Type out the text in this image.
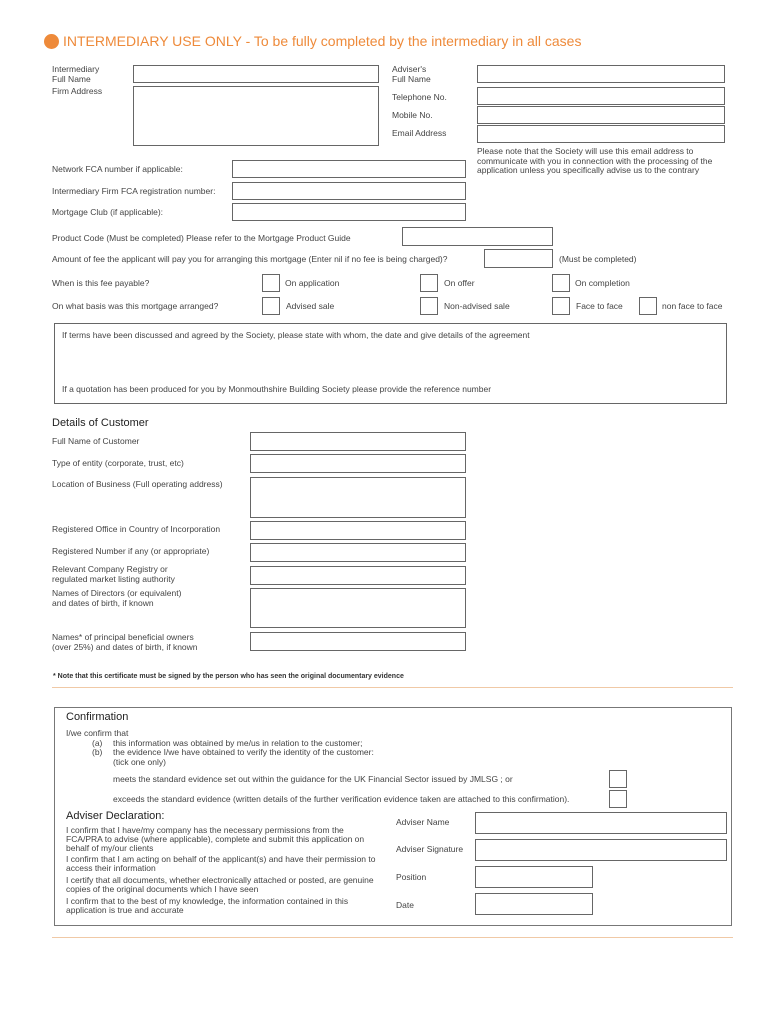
INTERMEDIARY USE ONLY - To be fully completed by the intermediary in all cases
Intermediary
Full Name
Firm Address
Adviser's
Full Name
Telephone No.
Mobile No.
Email Address
Please note that the Society will use this email address to communicate with you in connection with the processing of the application unless you specifically advise us to the contrary
Network FCA number if applicable:
Intermediary Firm FCA registration number:
Mortgage Club (if applicable):
Product Code (Must be completed) Please refer to the Mortgage Product Guide
Amount of fee the applicant will pay you for arranging this mortgage (Enter nil if no fee is being charged)?	(Must be completed)
When is this fee payable?	On application	On offer	On completion
On what basis was this mortgage arranged?	Advised sale	Non-advised sale	Face to face	non face to face
If terms have been discussed and agreed by the Society, please state with whom, the date and give details of the agreement
If a quotation has been produced for you by Monmouthshire Building Society please provide the reference number
Details of Customer
Full Name of Customer
Type of entity (corporate, trust, etc)
Location of Business (Full operating address)
Registered Office in Country of Incorporation
Registered Number if any (or appropriate)
Relevant Company Registry or
regulated market listing authority
Names of Directors (or equivalent)
and dates of birth, if known
Names* of principal beneficial owners
(over 25%) and dates of birth, if known
* Note that this certificate must be signed by the person who has seen the original documentary evidence
Confirmation
I/we confirm that
(a) this information was obtained by me/us in relation to the customer;
(b) the evidence I/we have obtained to verify the identity of the customer:
(tick one only)
meets the standard evidence set out within the guidance for the UK Financial Sector issued by JMLSG ; or
exceeds the standard evidence (written details of the further verification evidence taken are attached to this confirmation).
Adviser Declaration:
I confirm that I have/my company has the necessary permissions from the FCA/PRA to advise (where applicable), complete and submit this application on behalf of my/our clients
I confirm that I am acting on behalf of the applicant(s) and have their permission to access their information
I certify that all documents, whether electronically attached or posted, are genuine copies of the original documents which I have seen
I confirm that to the best of my knowledge, the information contained in this application is true and accurate
Adviser Name
Adviser Signature
Position
Date
